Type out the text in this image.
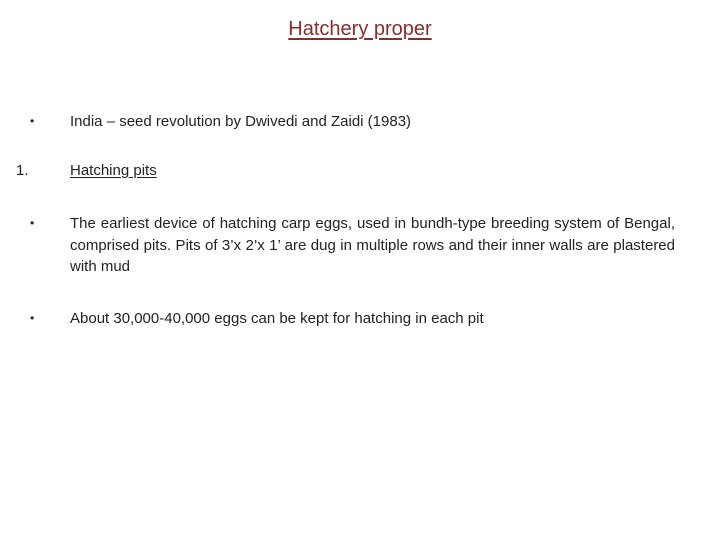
Hatchery proper
•	India – seed revolution by Dwivedi and Zaidi (1983)
1.	Hatching pits
•	The earliest device of hatching carp eggs, used in bundh-type breeding system of Bengal, comprised pits. Pits of 3’x 2’x 1’ are dug in multiple rows and their inner walls are plastered with mud
•	About 30,000-40,000 eggs can be kept for hatching in each pit
